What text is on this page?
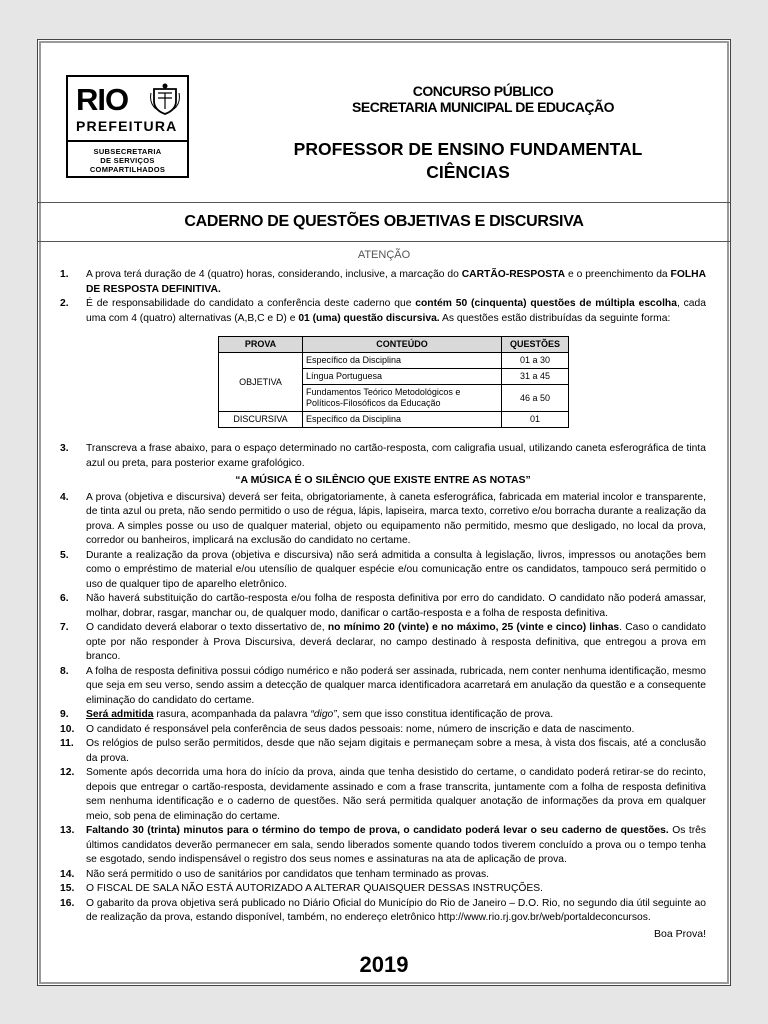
RIO
PREFEITURA
SUBSECRETARIA
DE SERVIÇOS
COMPARTILHADOS
CONCURSO PÚBLICO
SECRETARIA MUNICIPAL DE EDUCAÇÃO
PROFESSOR DE ENSINO FUNDAMENTAL
CIÊNCIAS
CADERNO DE QUESTÕES OBJETIVAS E DISCURSIVA
ATENÇÃO
1. A prova terá duração de 4 (quatro) horas, considerando, inclusive, a marcação do CARTÃO-RESPOSTA e o preenchimento da FOLHA DE RESPOSTA DEFINITIVA.
2. É de responsabilidade do candidato a conferência deste caderno que contém 50 (cinquenta) questões de múltipla escolha, cada uma com 4 (quatro) alternativas (A,B,C e D) e 01 (uma) questão discursiva. As questões estão distribuídas da seguinte forma:
PROVA	CONTEÚDO	QUESTÕES
OBJETIVA	Específico da Disciplina	01 a 30
	Língua Portuguesa	31 a 45
	Fundamentos Teórico Metodológicos e Políticos-Filosóficos da Educação	46 a 50
DISCURSIVA	Específico da Disciplina	01
3. Transcreva a frase abaixo, para o espaço determinado no cartão-resposta, com caligrafia usual, utilizando caneta esferográfica de tinta azul ou preta, para posterior exame grafológico.
“A MÚSICA É O SILÊNCIO QUE EXISTE ENTRE AS NOTAS”
4. A prova (objetiva e discursiva) deverá ser feita, obrigatoriamente, à caneta esferográfica, fabricada em material incolor e transparente, de tinta azul ou preta, não sendo permitido o uso de régua, lápis, lapiseira, marca texto, corretivo e/ou borracha durante a realização da prova. A simples posse ou uso de qualquer material, objeto ou equipamento não permitido, mesmo que desligado, no local da prova, corredor ou banheiros, implicará na exclusão do candidato no certame.
5. Durante a realização da prova (objetiva e discursiva) não será admitida a consulta à legislação, livros, impressos ou anotações bem como o empréstimo de material e/ou utensílio de qualquer espécie e/ou comunicação entre os candidatos, tampouco será permitido o uso de qualquer tipo de aparelho eletrônico.
6. Não haverá substituição do cartão-resposta e/ou folha de resposta definitiva por erro do candidato. O candidato não poderá amassar, molhar, dobrar, rasgar, manchar ou, de qualquer modo, danificar o cartão-resposta e a folha de resposta definitiva.
7. O candidato deverá elaborar o texto dissertativo de, no mínimo 20 (vinte) e no máximo, 25 (vinte e cinco) linhas. Caso o candidato opte por não responder à Prova Discursiva, deverá declarar, no campo destinado à resposta definitiva, que entregou a prova em branco.
8. A folha de resposta definitiva possui código numérico e não poderá ser assinada, rubricada, nem conter nenhuma identificação, mesmo que seja em seu verso, sendo assim a detecção de qualquer marca identificadora acarretará em anulação da questão e a consequente eliminação do candidato do certame.
9. Será admitida rasura, acompanhada da palavra “digo”, sem que isso constitua identificação de prova.
10. O candidato é responsável pela conferência de seus dados pessoais: nome, número de inscrição e data de nascimento.
11. Os relógios de pulso serão permitidos, desde que não sejam digitais e permaneçam sobre a mesa, à vista dos fiscais, até a conclusão da prova.
12. Somente após decorrida uma hora do início da prova, ainda que tenha desistido do certame, o candidato poderá retirar-se do recinto, depois que entregar o cartão-resposta, devidamente assinado e com a frase transcrita, juntamente com a folha de resposta definitiva sem nenhuma identificação e o caderno de questões. Não será permitida qualquer anotação de informações da prova em qualquer meio, sob pena de eliminação do certame.
13. Faltando 30 (trinta) minutos para o término do tempo de prova, o candidato poderá levar o seu caderno de questões. Os três últimos candidatos deverão permanecer em sala, sendo liberados somente quando todos tiverem concluído a prova ou o tempo tenha se esgotado, sendo indispensável o registro dos seus nomes e assinaturas na ata de aplicação de prova.
14. Não será permitido o uso de sanitários por candidatos que tenham terminado as provas.
15. O FISCAL DE SALA NÃO ESTÁ AUTORIZADO A ALTERAR QUAISQUER DESSAS INSTRUÇÕES.
16. O gabarito da prova objetiva será publicado no Diário Oficial do Município do Rio de Janeiro – D.O. Rio, no segundo dia útil seguinte ao de realização da prova, estando disponível, também, no endereço eletrônico http://www.rio.rj.gov.br/web/portaldeconcursos.
Boa Prova!
2019
